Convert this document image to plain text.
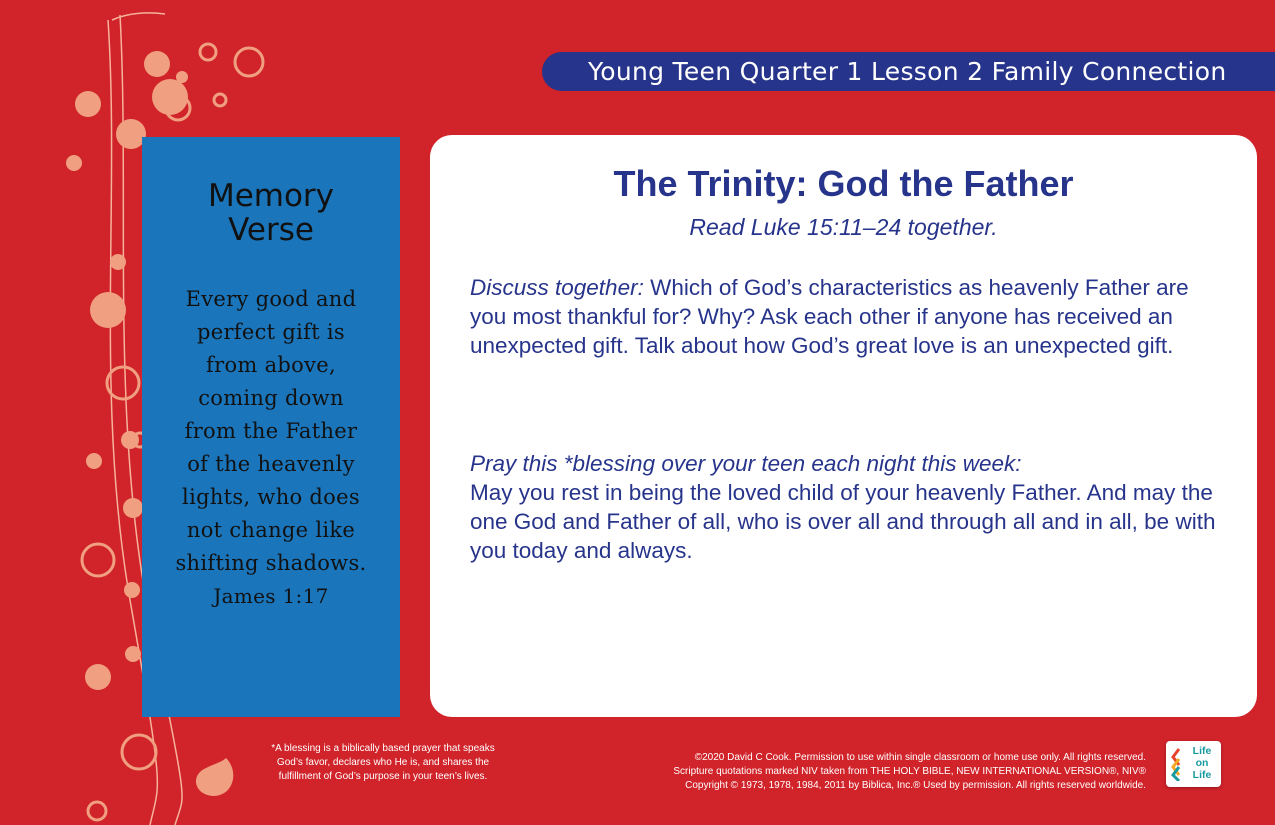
Young Teen Quarter 1 Lesson 2 Family Connection
Memory
Verse
Every good and
perfect gift is
from above,
coming down
from the Father
of the heavenly
lights, who does
not change like
shifting shadows.
James 1:17
The Trinity: God the Father
Read Luke 15:11–24 together.
Discuss together: Which of God’s characteristics as heavenly Father are you most thankful for? Why? Ask each other if anyone has received an unexpected gift. Talk about how God’s great love is an unexpected gift.
Pray this *blessing over your teen each night this week:
May you rest in being the loved child of your heavenly Father. And may the one God and Father of all, who is over all and through all and in all, be with you today and always.
*A blessing is a biblically based prayer that speaks
God’s favor, declares who He is, and shares the
fulfillment of God’s purpose in your teen’s lives.
©2020 David C Cook. Permission to use within single classroom or home use only. All rights reserved.
Scripture quotations marked NIV taken from THE HOLY BIBLE, NEW INTERNATIONAL VERSION®, NIV®
Copyright © 1973, 1978, 1984, 2011 by Biblica, Inc.® Used by permission. All rights reserved worldwide.
Life
on
Life
